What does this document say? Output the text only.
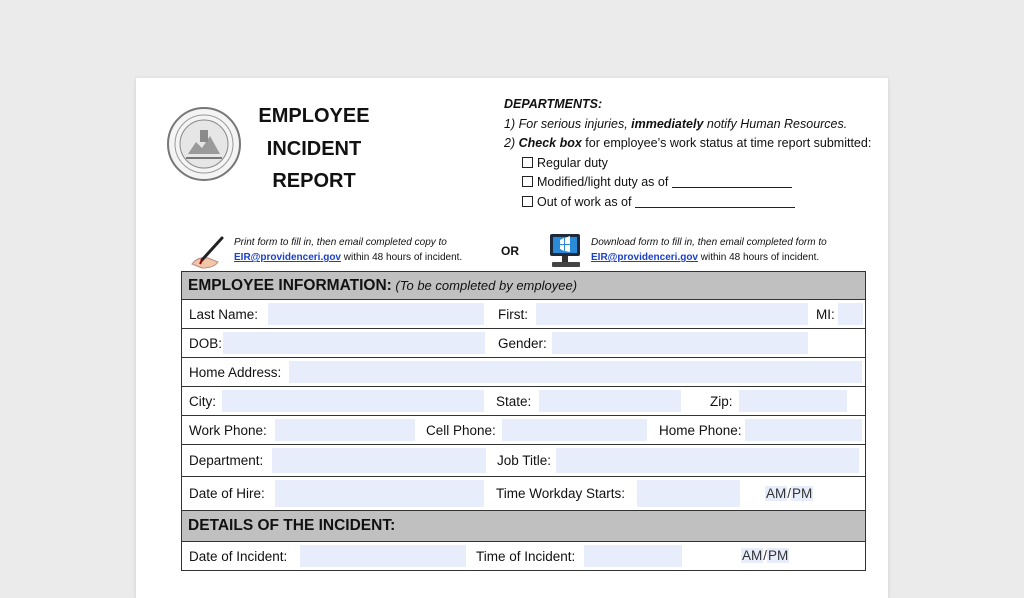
EMPLOYEE
INCIDENT
REPORT
DEPARTMENTS:
1) For serious injuries, immediately notify Human Resources.
2) Check box for employee’s work status at time report submitted:
Regular duty
Modified/light duty as of
Out of work as of
Print form to fill in, then email completed copy to
EIR@providenceri.gov within 48 hours of incident.	OR
Download form to fill in, then email completed form to
EIR@providenceri.gov within 48 hours of incident.
EMPLOYEE INFORMATION: (To be completed by employee)

Last Name:	First:	MI:

DOB:	Gender:

Home Address:

City:	State:	Zip:

Work Phone:	Cell Phone:	Home Phone:

Department:	Job Title:

Date of Hire:	Time Workday Starts:	AM/PM

DETAILS OF THE INCIDENT:

Date of Incident:	Time of Incident:	AM/PM
